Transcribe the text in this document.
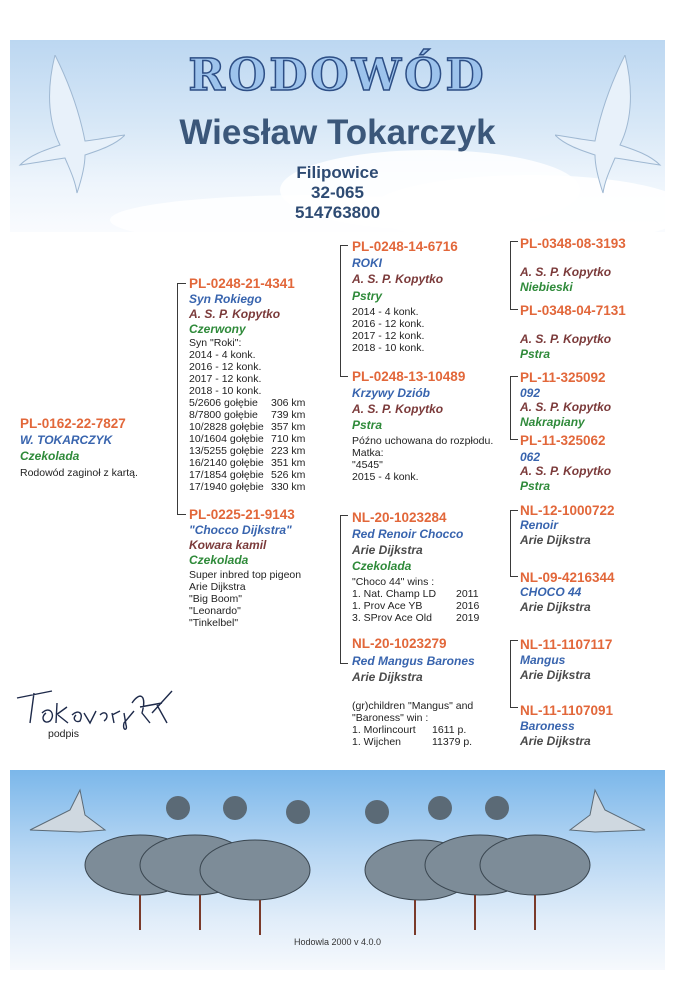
RODOWÓD
Wiesław Tokarczyk
Filipowice
32-065
514763800
Hodowla 2000 v 4.0.0
PL-0162-22-7827
W. TOKARCZYK
Czekolada
Rodowód zaginoł z kartą.
PL-0248-21-4341
Syn Rokiego
A. S. P. Kopytko
Czerwony
Syn "Roki":
2014 - 4 konk.
2016 - 12 konk.
2017 - 12 konk.
2018 - 10 konk.
5/2606 gołębie 306 km
8/7800 gołębie 739 km
10/2828 gołębie 357 km
10/1604 gołębie 710 km
13/5255 gołębie 223 km
16/2140 gołębie 351 km
17/1854 gołębie 526 km
17/1940 gołębie 330 km
PL-0225-21-9143
"Chocco Dijkstra"
Kowara kamil
Czekolada
Super inbred top pigeon
Arie Dijkstra
"Big Boom"
"Leonardo"
"Tinkelbel"
PL-0248-14-6716
ROKI
A. S. P. Kopytko
Pstry
2014 - 4 konk.
2016 - 12 konk.
2017 - 12 konk.
2018 - 10 konk.
PL-0248-13-10489
Krzywy Dziób
A. S. P. Kopytko
Pstra
Późno uchowana do rozpłodu.
Matka:
"4545"
2015 - 4 konk.
NL-20-1023284
Red Renoir Chocco
Arie Dijkstra
Czekolada
"Choco 44" wins :
1. Nat. Champ LD 2011
1. Prov Ace YB	2016
3. SProv Ace Old 2019
NL-20-1023279
Red Mangus Barones
Arie Dijkstra
(gr)children "Mangus" and
"Baroness" win :
1. Morlincourt 1611 p.
1. Wijchen	11379 p.
PL-0348-08-3193
A. S. P. Kopytko
Niebieski
PL-0348-04-7131
A. S. P. Kopytko
Pstra
PL-11-325092
092
A. S. P. Kopytko
Nakrapiany
PL-11-325062
062
A. S. P. Kopytko
Pstra
NL-12-1000722
Renoir
Arie Dijkstra
NL-09-4216344
CHOCO 44
Arie Dijkstra
NL-11-1107117
Mangus
Arie Dijkstra
NL-11-1107091
Baroness
Arie Dijkstra
podpis
